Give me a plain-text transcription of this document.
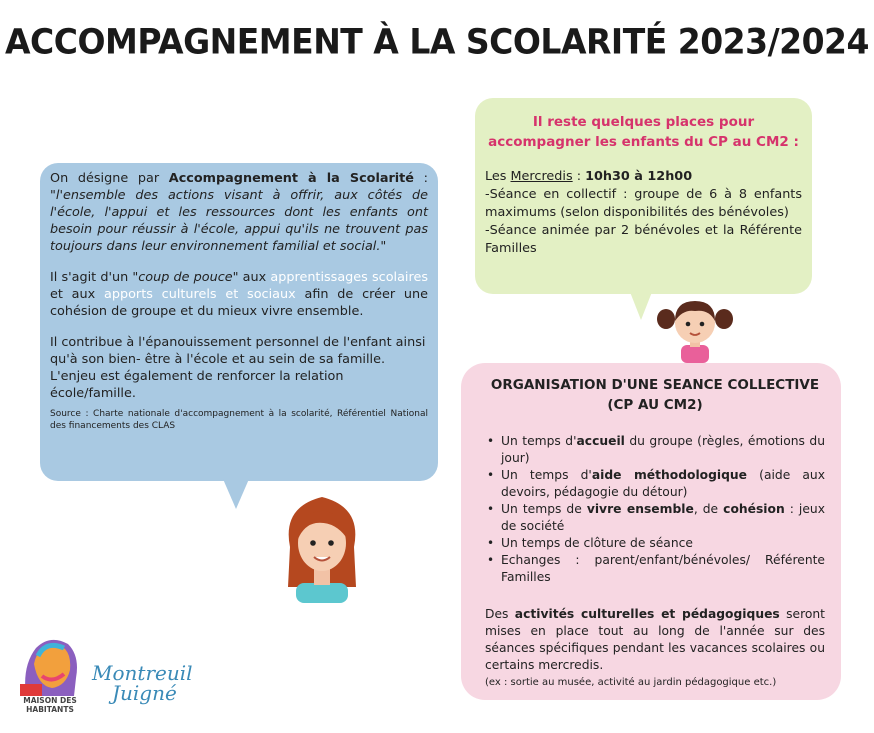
ACCOMPAGNEMENT À LA SCOLARITÉ 2023/2024

On désigne par Accompagnement à la Scolarité : "l'ensemble des actions visant à offrir, aux côtés de l'école, l'appui et les ressources dont les enfants ont besoin pour réussir à l'école, appui qu'ils ne trouvent pas toujours dans leur environnement familial et social."

Il s'agit d'un "coup de pouce" aux apprentissages scolaires et aux apports culturels et sociaux afin de créer une cohésion de groupe et du mieux vivre ensemble.

Il contribue à l'épanouissement personnel de l'enfant ainsi qu'à son bien- être à l'école et au sein de sa famille. L'enjeu est également de renforcer la relation école/famille.

Source : Charte nationale d'accompagnement à la scolarité, Référentiel National des financements des CLAS

Il reste quelques places pour accompagner les enfants du CP au CM2 :
Les Mercredis : 10h30 à 12h00
-Séance en collectif : groupe de 6 à 8 enfants maximums (selon disponibilités des bénévoles)
-Séance animée par 2 bénévoles et la Référente Familles
ORGANISATION D'UNE SEANCE COLLECTIVE (CP AU CM2)
• Un temps d'accueil du groupe (règles, émotions du jour)
• Un temps d'aide méthodologique (aide aux devoirs, pédagogie du détour)
• Un temps de vivre ensemble, de cohésion : jeux de société
• Un temps de clôture de séance
• Echanges : parent/enfant/bénévoles/ Référente Familles
Des activités culturelles et pédagogiques seront mises en place tout au long de l'année sur des séances spécifiques pendant les vacances scolaires ou certains mercredis.
(ex : sortie au musée, activité au jardin pédagogique etc.)
MAISON DES
HABITANTS
Montreuil
Juigné
